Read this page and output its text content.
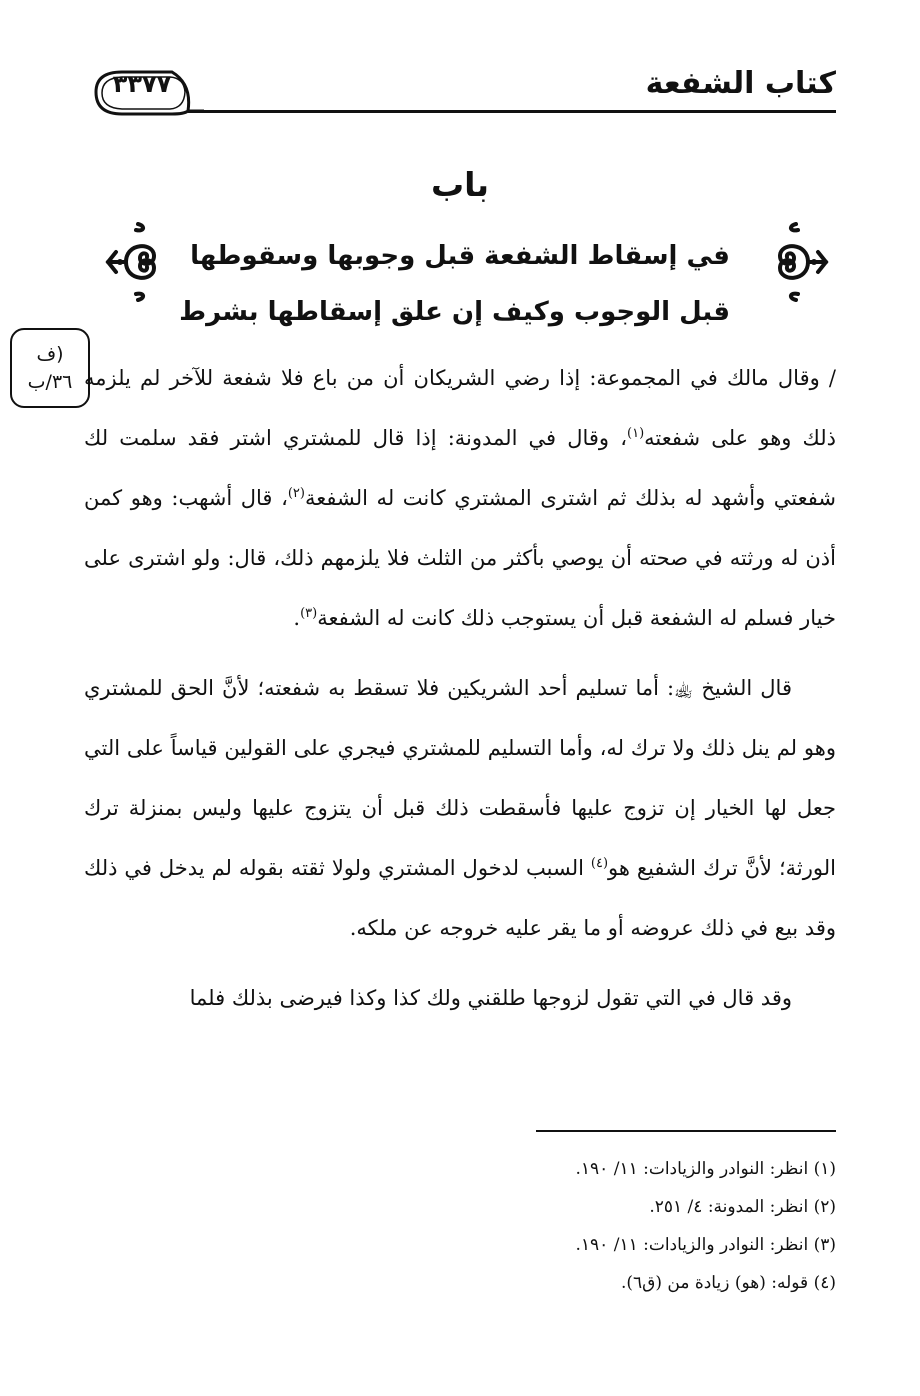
كتاب الشفعة
٣٣٧٧
باب
في إسقاط الشفعة قبل وجوبها وسقوطها
قبل الوجوب وكيف إن علق إسقاطها بشرط
(ف
٣٦/ب / وقال مالك في المجموعة: إذا رضي الشريكان أن من باع فلا شفعة للآخر لم يلزمه ذلك وهو على شفعته$^{(١)}$، وقال في المدونة: إذا قال للمشتري اشتر فقد سلمت لك شفعتي وأشهد له بذلك ثم اشترى المشتري كانت له الشفعة$^{(٢)}$، قال أشهب: وهو كمن أذن له ورثته في صحته أن يوصي بأكثر من الثلث فلا يلزمهم ذلك، قال: ولو اشترى على خيار فسلم له الشفعة قبل أن يستوجب ذلك كانت له الشفعة$^{(٣)}$.

قال الشيخ ﵀: أما تسليم أحد الشريكين فلا تسقط به شفعته؛ لأنَّ الحق للمشتري وهو لم ينل ذلك ولا ترك له، وأما التسليم للمشتري فيجري على القولين قياساً على التي جعل لها الخيار إن تزوج عليها فأسقطت ذلك قبل أن يتزوج عليها وليس بمنزلة ترك الورثة؛ لأنَّ ترك الشفيع هو$^{(٤)}$ السبب لدخول المشتري ولولا ثقته بقوله لم يدخل في ذلك وقد بيع في ذلك عروضه أو ما يقر عليه خروجه عن ملكه.

وقد قال في التي تقول لزوجها طلقني ولك كذا وكذا فيرضى بذلك فلما

(١) انظر: النوادر والزيادات: ١١/ ١٩٠.
(٢) انظر: المدونة: ٤/ ٢٥١.
(٣) انظر: النوادر والزيادات: ١١/ ١٩٠.
(٤) قوله: (هو) زيادة من (ق٦).
